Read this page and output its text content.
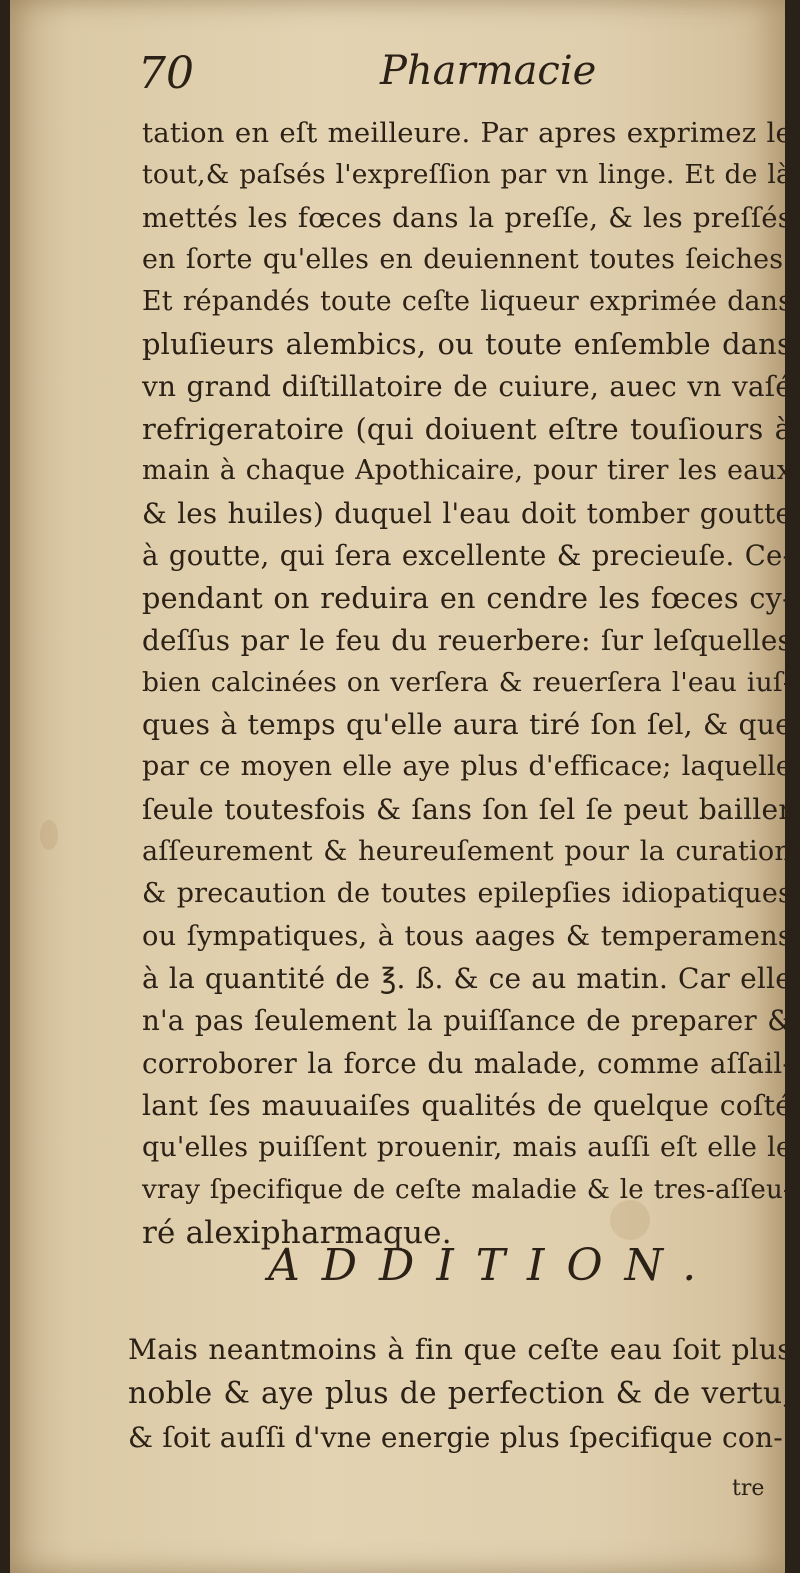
70	Pharmacie
tation en eſt meilleure. Par apres exprimez le
tout,& paſsés l'expreſſion par vn linge. Et de là
mettés les fœces dans la preſſe, & les preſſés
en ſorte qu'elles en deuiennent toutes ſeiches.
Et répandés toute ceſte liqueur exprimée dans
pluſieurs alembics, ou toute enſemble dans
vn grand diſtillatoire de cuiure, auec vn vaſé
refrigeratoire (qui doiuent eſtre touſiours à
main à chaque Apothicaire, pour tirer les eaux
& les huiles) duquel l'eau doit tomber goutte
à goutte, qui ſera excellente & precieuſe. Ce-
pendant on reduira en cendre les fœces cy-
deſſus par le feu du reuerbere: ſur leſquelles
bien calcinées on verſera & reuerſera l'eau iuſ-
ques à temps qu'elle aura tiré ſon ſel, & que
par ce moyen elle aye plus d'efficace; laquelle
ſeule toutesfois & ſans ſon ſel ſe peut bailler
aſſeurement & heureuſement pour la curation
& precaution de toutes epilepſies idiopatiques
ou ſympatiques, à tous aages & temperamens
à la quantité de ℥. ß. & ce au matin. Car elle
n'a pas ſeulement la puiſſance de preparer &
corroborer la force du malade, comme aſſail-
lant ſes mauuaiſes qualités de quelque coſté
qu'elles puiſſent prouenir, mais auſſi eſt elle le
vray ſpecifique de ceſte maladie & le tres-aſſeu-
ré alexipharmaque.
ADDITION.
Mais neantmoins à fin que ceſte eau ſoit plus
noble & aye plus de perfection & de vertu,
& ſoit auſſi d'vne energie plus ſpecifique con-
tre
